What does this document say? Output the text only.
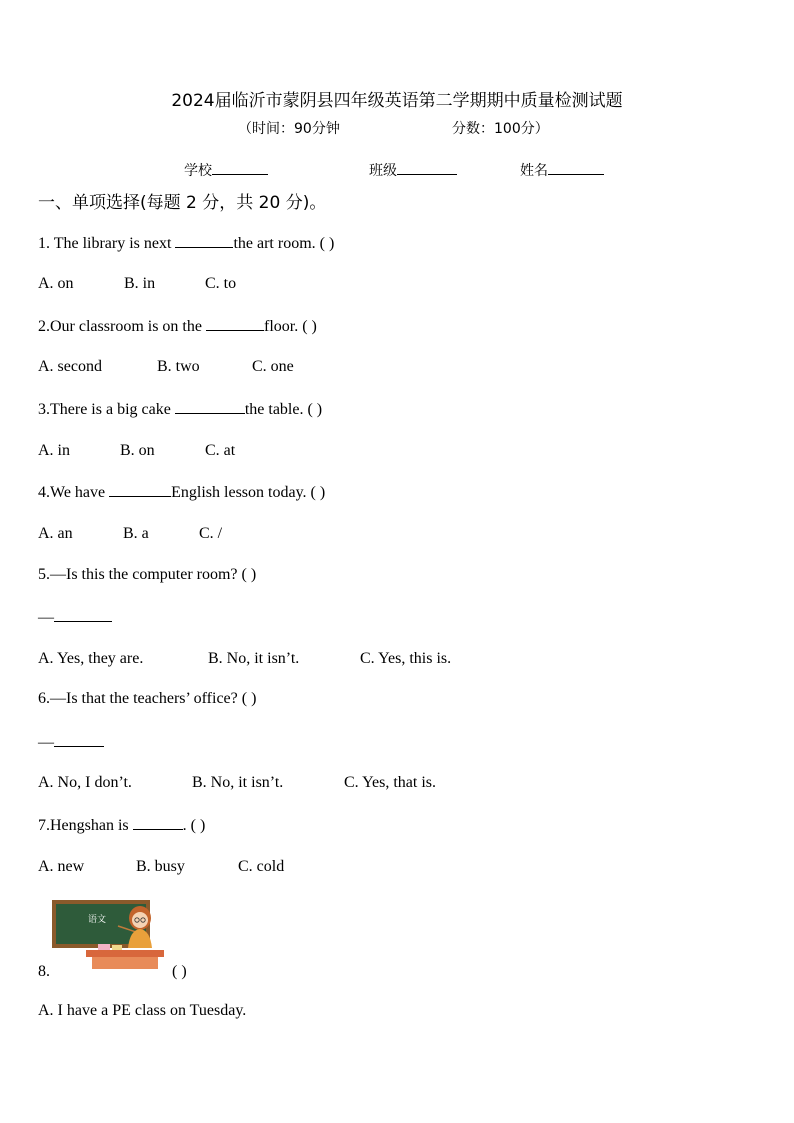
2024届临沂市蒙阴县四年级英语第二学期期中质量检测试题
（时间：90分钟	分数：100分）
学校	班级	姓名
一、单项选择(每题 2 分，共 20 分)。
1. The library is next	the art room. ( )
A. on	B. in	C. to
2.Our classroom is on the	floor. ( )
A. second	B. two	C. one
3.There is a big cake	the table. ( )
A. in	B. on	C. at
4.We have	English lesson today. ( )
A. an	B. a	C. /
5.—Is this the computer room? ( )
—
A. Yes, they are.	B. No, it isn’t.	C. Yes, this is.
6.—Is that the teachers’ office? ( )
—
A. No, I don’t.	B. No, it isn’t.	C. Yes, that is.
7.Hengshan is	. ( )
A. new	B. busy	C. cold
语文
8.	( )
A. I have a PE class on Tuesday.
